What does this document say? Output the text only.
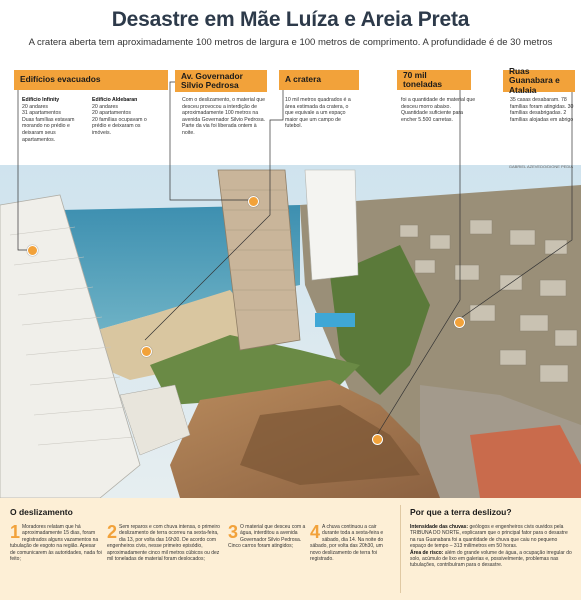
Desastre em Mãe Luíza e Areia Preta
A cratera aberta tem aproximadamente 100 metros de largura e 100 metros de comprimento. A profundidade é de 30 metros
GABRIEL AZEVEDO/DIONE PEDIA
Edifícios evacuados
Edifício Infinity
20 andares
31 apartamentos
Duas famílias estavam morando no prédio e deixaram seus apartamentos.
Edifício Aldebaran
20 andares
20 apartamentos
20 famílias ocupavam o prédio e deixaram os imóveis.
Av. Governador Silvio Pedrosa
Com o deslizamento, o material que desceu provocou a interdição de aproximadamente 100 metros na avenida Governador Silvio Pedrosa. Parte da via foi liberada ontem à noite.
A cratera
10 mil metros quadrados é a área estimada da cratera, o que equivale a um espaço maior que um campo de futebol.
70 mil toneladas
foi a quantidade de material que desceu morro abaixo. Quantidade suficiente para encher 5.500 carretas.
Ruas Guanabara e Atalaia
35 casas desabaram. 78 famílias foram atingidas. 30 famílias desabrigadas. 2 famílias alojadas em abrigo
O deslizamento
1 Moradores relatam que há aproximadamente 15 dias, foram registrados alguns vazamentos na tubulação de esgoto na região. Apesar de comunicarem às autoridades, nada foi feito;
2 Sem reparos e com chuva intensa, o primeiro deslizamento de terra ocorreu na sexta-feira, dia 13, por volta das 16h30. De acordo com engenheiros civis, nesse primeiro episódio, aproximadamente cinco mil metros cúbicos ou dez mil toneladas de material foram deslocados;
3 O material que desceu com a água, interditou a avenida Governador Silvio Pedrosa. Cinco carros foram atingidos;
4 A chuva continuou a cair durante toda a sexta-feira e sábado, dia 14. Na noite do sábado, por volta das 20h30, um novo deslizamento de terra foi registrado.
Por que a terra deslizou?
Intensidade das chuvas: geólogos e engenheiros civis ouvidos pela TRIBUNA DO NORTE, explicaram que o principal fator para o desastre na rua Guanabara foi a quantidade de chuva que caiu no pequeno espaço de tempo – 313 milímetros em 50 horas.
Área de risco: além do grande volume de água, a ocupação irregular do solo, acúmulo de lixo em galerias e, possivelmente, problemas nas tubulações, contribuíram para o desastre.
